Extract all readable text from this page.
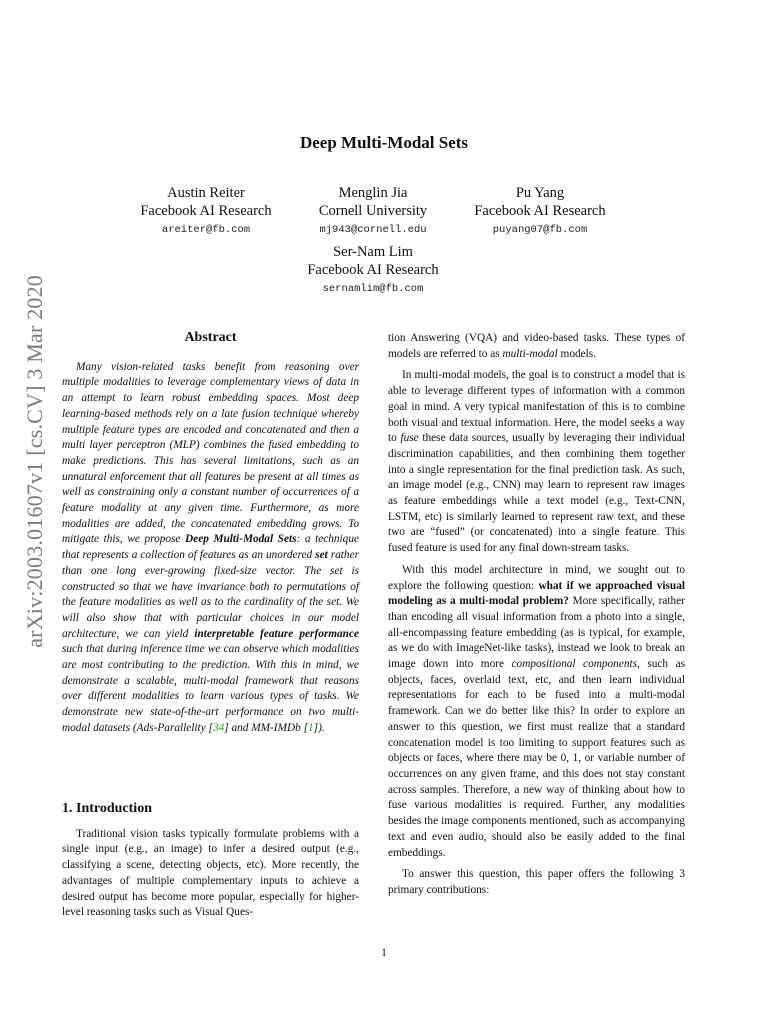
arXiv:2003.01607v1 [cs.CV] 3 Mar 2020
Deep Multi-Modal Sets
Austin Reiter
Facebook AI Research
areiter@fb.com
Menglin Jia
Cornell University
mj943@cornell.edu
Pu Yang
Facebook AI Research
puyang07@fb.com
Ser-Nam Lim
Facebook AI Research
sernamlim@fb.com
Abstract

Many vision-related tasks benefit from reasoning over multiple modalities to leverage complementary views of data in an attempt to learn robust embedding spaces. Most deep learning-based methods rely on a late fusion technique whereby multiple feature types are encoded and concatenated and then a multi layer perceptron (MLP) combines the fused embedding to make predictions. This has several limitations, such as an unnatural enforcement that all features be present at all times as well as constraining only a constant number of occurrences of a feature modality at any given time. Furthermore, as more modalities are added, the concatenated embedding grows. To mitigate this, we propose Deep Multi-Modal Sets: a technique that represents a collection of features as an unordered set rather than one long ever-growing fixed-size vector. The set is constructed so that we have invariance both to permutations of the feature modalities as well as to the cardinality of the set. We will also show that with particular choices in our model architecture, we can yield interpretable feature performance such that during inference time we can observe which modalities are most contributing to the prediction. With this in mind, we demonstrate a scalable, multi-modal framework that reasons over different modalities to learn various types of tasks. We demonstrate new state-of-the-art performance on two multi-modal datasets (Ads-Parallelity [34] and MM-IMDb [1]).

1. Introduction

Traditional vision tasks typically formulate problems with a single input (e.g., an image) to infer a desired output (e.g., classifying a scene, detecting objects, etc). More recently, the advantages of multiple complementary inputs to achieve a desired output has become more popular, especially for higher-level reasoning tasks such as Visual Ques-

tion Answering (VQA) and video-based tasks. These types of models are referred to as multi-modal models.

In multi-modal models, the goal is to construct a model that is able to leverage different types of information with a common goal in mind. A very typical manifestation of this is to combine both visual and textual information. Here, the model seeks a way to fuse these data sources, usually by leveraging their individual discrimination capabilities, and then combining them together into a single representation for the final prediction task. As such, an image model (e.g., CNN) may learn to represent raw images as feature embeddings while a text model (e.g., Text-CNN, LSTM, etc) is similarly learned to represent raw text, and these two are “fused” (or concatenated) into a single feature. This fused feature is used for any final down-stream tasks.

With this model architecture in mind, we sought out to explore the following question: what if we approached visual modeling as a multi-modal problem? More specifically, rather than encoding all visual information from a photo into a single, all-encompassing feature embedding (as is typical, for example, as we do with ImageNet-like tasks), instead we look to break an image down into more compositional components, such as objects, faces, overlaid text, etc, and then learn individual representations for each to be fused into a multi-modal framework. Can we do better like this? In order to explore an answer to this question, we first must realize that a standard concatenation model is too limiting to support features such as objects or faces, where there may be 0, 1, or variable number of occurrences on any given frame, and this does not stay constant across samples. Therefore, a new way of thinking about how to fuse various modalities is required. Further, any modalities besides the image components mentioned, such as accompanying text and even audio, should also be easily added to the final embeddings.

To answer this question, this paper offers the following 3 primary contributions:

1
